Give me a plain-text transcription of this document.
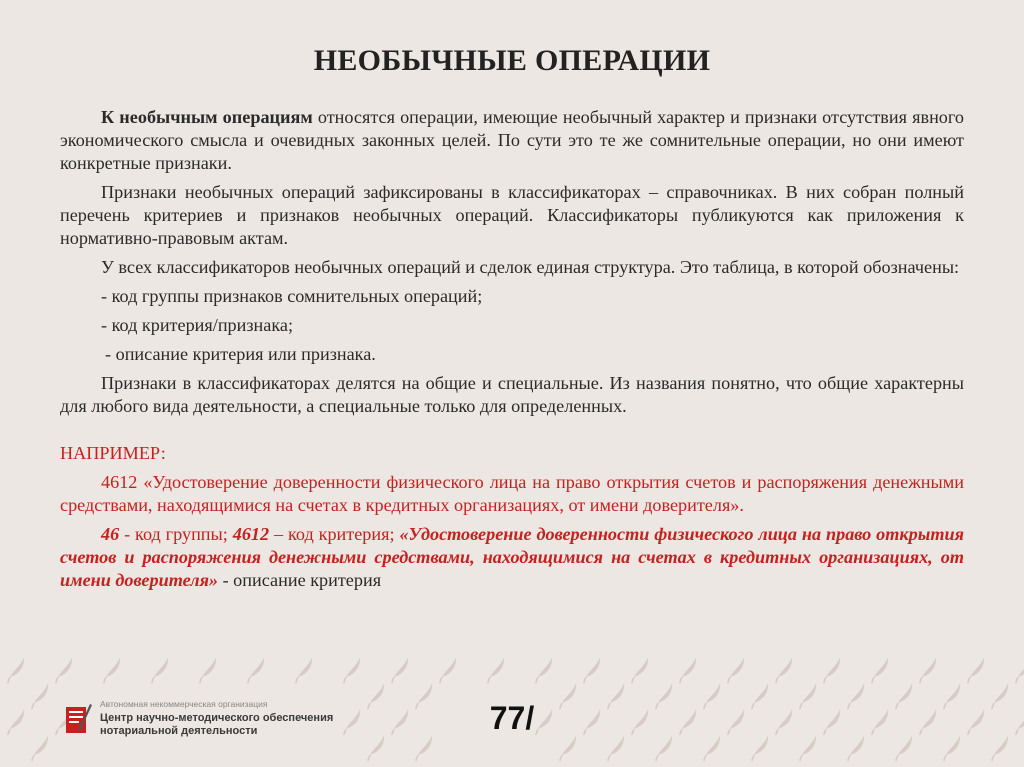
НЕОБЫЧНЫЕ ОПЕРАЦИИ

К необычным операциям относятся операции, имеющие необычный характер и признаки отсутствия явного экономического смысла и очевидных законных целей. По сути это те же сомнительные операции, но они имеют конкретные признаки.

Признаки необычных операций зафиксированы в классификаторах – справочниках. В них собран полный перечень критериев и признаков необычных операций. Классификаторы публикуются как приложения к нормативно-правовым актам.

У всех классификаторов необычных операций и сделок единая структура. Это таблица, в которой обозначены:

- код группы признаков сомнительных операций;

- код критерия/признака;

- описание критерия или признака.

Признаки в классификаторах делятся на общие и специальные. Из названия понятно, что общие характерны для любого вида деятельности, а специальные только для определенных.

НАПРИМЕР:

4612 «Удостоверение доверенности физического лица на право открытия счетов и распоряжения денежными средствами, находящимися на счетах в кредитных организациях, от имени доверителя».

46 - код группы; 4612 – код критерия; «Удостоверение доверенности физического лица на право открытия счетов и распоряжения денежными средствами, находящимися на счетах в кредитных организациях, от имени доверителя» - описание критерия

Автономная некоммерческая организация
Центр научно-методического обеспечения
нотариальной деятельности	77/
